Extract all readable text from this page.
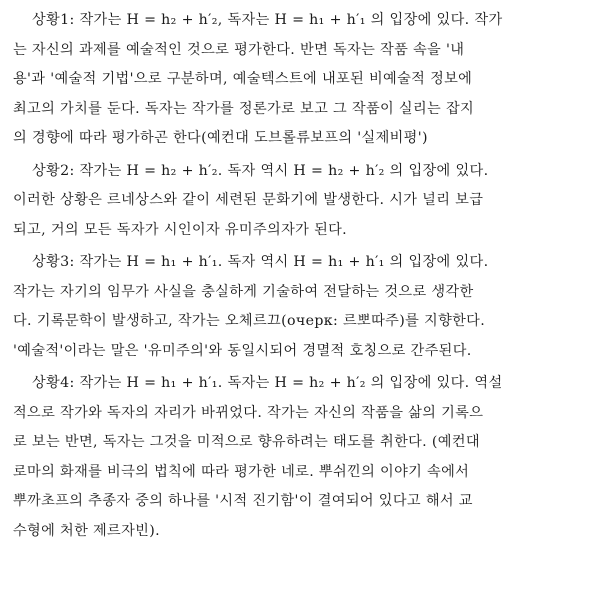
상황1: 작가는 H = h₂ + h′₂, 독자는 H = h₁ + h′₁ 의 입장에 있다. 작가
는 자신의 과제를 예술적인 것으로 평가한다. 반면 독자는 작품 속을 '내
용'과 '예술적 기법'으로 구분하며, 예술텍스트에 내포된 비예술적 정보에
최고의 가치를 둔다. 독자는 작가를 정론가로 보고 그 작품이 실리는 잡지
의 경향에 따라 평가하곤 한다(예컨대 도브롤류보프의 '실제비평')
상황2: 작가는 H = h₂ + h′₂. 독자 역시 H = h₂ + h′₂ 의 입장에 있다.
이러한 상황은 르네상스와 같이 세련된 문화기에 발생한다. 시가 널리 보급
되고, 거의 모든 독자가 시인이자 유미주의자가 된다.
상황3: 작가는 H = h₁ + h′₁. 독자 역시 H = h₁ + h′₁ 의 입장에 있다.
작가는 자기의 임무가 사실을 충실하게 기술하여 전달하는 것으로 생각한
다. 기록문학이 발생하고, 작가는 오체르끄(очерк: 르뽀따주)를 지향한다.
'예술적'이라는 말은 '유미주의'와 동일시되어 경멸적 호칭으로 간주된다.
상황4: 작가는 H = h₁ + h′₁. 독자는 H = h₂ + h′₂ 의 입장에 있다. 역설
적으로 작가와 독자의 자리가 바뀌었다. 작가는 자신의 작품을 삶의 기록으
로 보는 반면, 독자는 그것을 미적으로 향유하려는 태도를 취한다. (예컨대
로마의 화재를 비극의 법칙에 따라 평가한 네로. 뿌쉬낀의 이야기 속에서
뿌까초프의 추종자 중의 하나를 '시적 진기함'이 결여되어 있다고 해서 교
수형에 처한 제르자빈).
